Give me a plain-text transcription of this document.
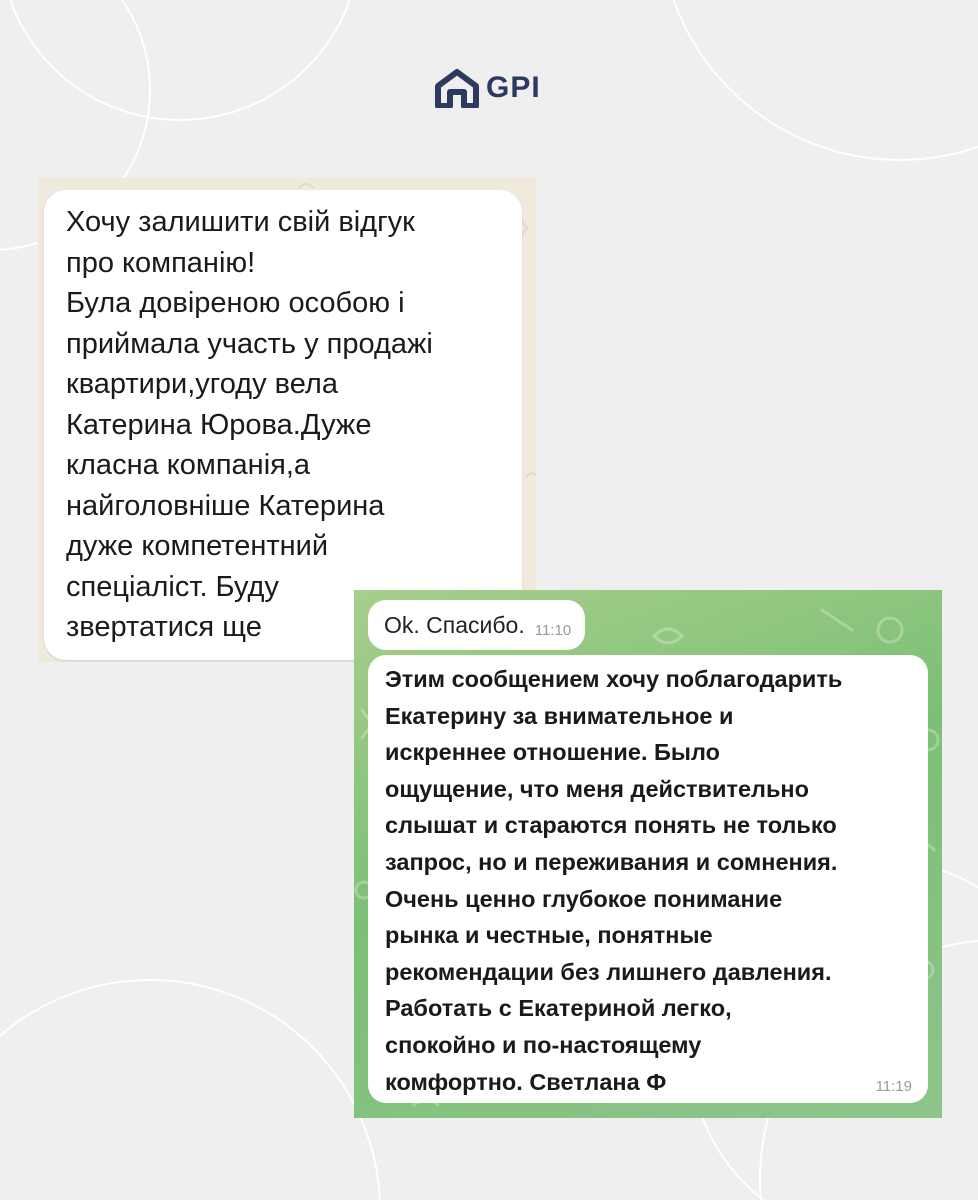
GPI
Хочу залишити свій відгук
про компанію!
Була довіреною особою і
приймала участь у продажі
квартири,угоду вела
Катерина Юрова.Дуже
класна компанія,а
найголовніше Катерина
дуже компетентний
спеціаліст. Буду
звертатися ще	Ok. Спасибо. 11:10
Этим сообщением хочу поблагодарить
Екатерину за внимательное и
искреннее отношение. Было
ощущение, что меня действительно
слышат и стараются понять не только
запрос, но и переживания и сомнения.
Очень ценно глубокое понимание
рынка и честные, понятные
рекомендации без лишнего давления.
Работать с Екатериной легко,
спокойно и по-настоящему
комфортно. Светлана Ф	11:19
